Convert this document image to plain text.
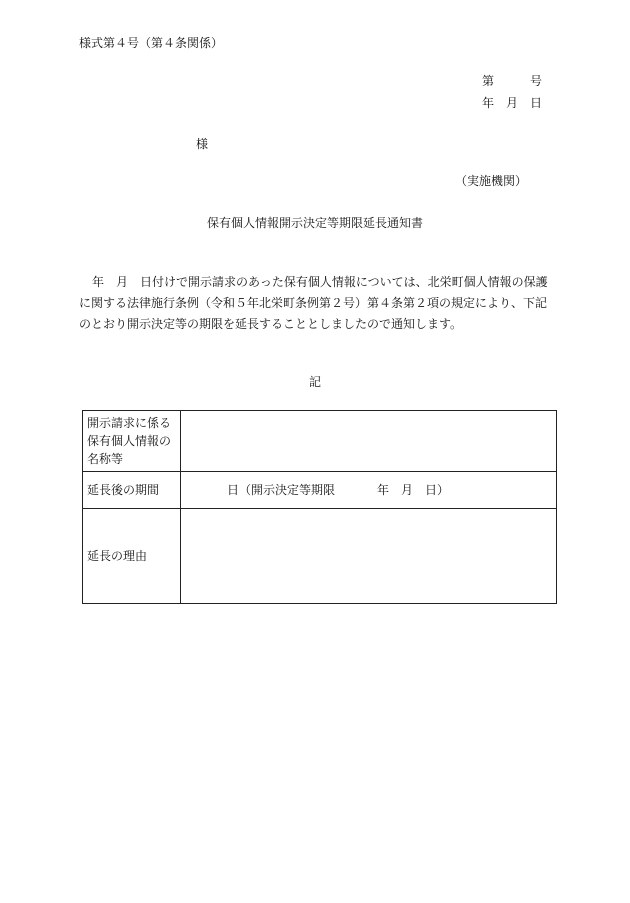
様式第４号（第４条関係）
第　　　号
年　月　日
様
（実施機関）
保有個人情報開示決定等期限延長通知書

年　月　日付けで開示請求のあった保有個人情報については、北栄町個人情報の保護に関する法律施行条例（令和５年北栄町条例第２号）第４条第２項の規定により、下記のとおり開示決定等の期限を延長することとしましたので通知します。

記
開示請求に係る保有個人情報の名称等	
延長後の期間	日（開示決定等期限 年　月　日）
延長の理由	
